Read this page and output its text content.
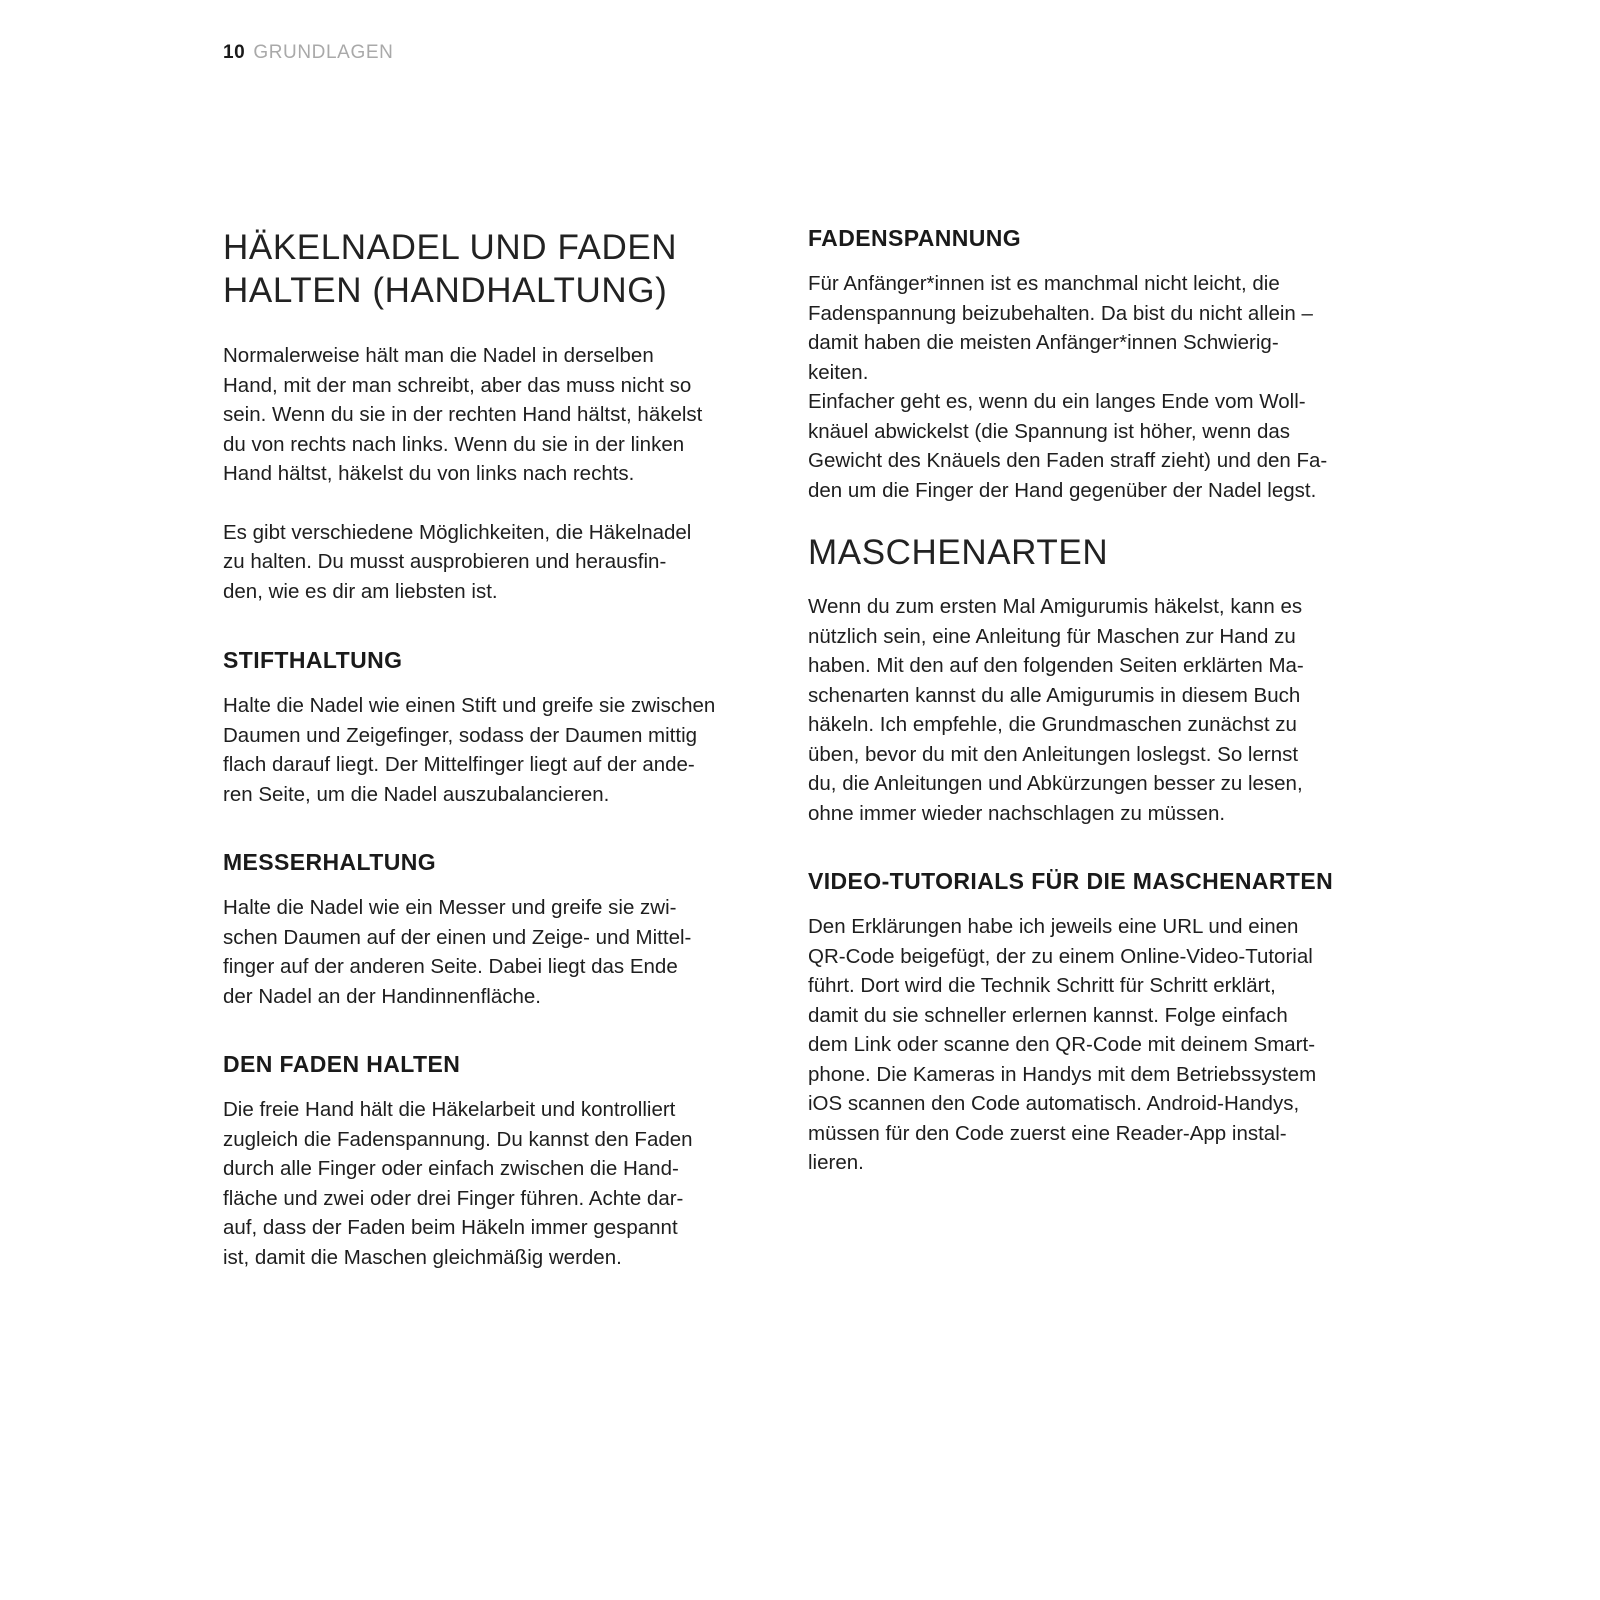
10 GRUNDLAGEN
HÄKELNADEL UND FADEN
HALTEN (HANDHALTUNG)

Normalerweise hält man die Nadel in derselben
Hand, mit der man schreibt, aber das muss nicht so
sein. Wenn du sie in der rechten Hand hältst, häkelst
du von rechts nach links. Wenn du sie in der linken
Hand hältst, häkelst du von links nach rechts.

Es gibt verschiedene Möglichkeiten, die Häkelnadel
zu halten. Du musst ausprobieren und herausfin-
den, wie es dir am liebsten ist.

STIFTHALTUNG

Halte die Nadel wie einen Stift und greife sie zwischen
Daumen und Zeigefinger, sodass der Daumen mittig
flach darauf liegt. Der Mittelfinger liegt auf der ande-
ren Seite, um die Nadel auszubalancieren.

MESSERHALTUNG

Halte die Nadel wie ein Messer und greife sie zwi-
schen Daumen auf der einen und Zeige- und Mittel-
finger auf der anderen Seite. Dabei liegt das Ende
der Nadel an der Handinnenfläche.

DEN FADEN HALTEN

Die freie Hand hält die Häkelarbeit und kontrolliert
zugleich die Fadenspannung. Du kannst den Faden
durch alle Finger oder einfach zwischen die Hand-
fläche und zwei oder drei Finger führen. Achte dar-
auf, dass der Faden beim Häkeln immer gespannt
ist, damit die Maschen gleichmäßig werden.

FADENSPANNUNG

Für Anfänger*innen ist es manchmal nicht leicht, die
Fadenspannung beizubehalten. Da bist du nicht allein –
damit haben die meisten Anfänger*innen Schwierig-
keiten.
Einfacher geht es, wenn du ein langes Ende vom Woll-
knäuel abwickelst (die Spannung ist höher, wenn das
Gewicht des Knäuels den Faden straff zieht) und den Fa-
den um die Finger der Hand gegenüber der Nadel legst.

MASCHENARTEN

Wenn du zum ersten Mal Amigurumis häkelst, kann es
nützlich sein, eine Anleitung für Maschen zur Hand zu
haben. Mit den auf den folgenden Seiten erklärten Ma-
schenarten kannst du alle Amigurumis in diesem Buch
häkeln. Ich empfehle, die Grundmaschen zunächst zu
üben, bevor du mit den Anleitungen loslegst. So lernst
du, die Anleitungen und Abkürzungen besser zu lesen,
ohne immer wieder nachschlagen zu müssen.

VIDEO-TUTORIALS FÜR DIE MASCHENARTEN

Den Erklärungen habe ich jeweils eine URL und einen
QR-Code beigefügt, der zu einem Online-Video-Tutorial
führt. Dort wird die Technik Schritt für Schritt erklärt,
damit du sie schneller erlernen kannst. Folge einfach
dem Link oder scanne den QR-Code mit deinem Smart-
phone. Die Kameras in Handys mit dem Betriebssystem
iOS scannen den Code automatisch. Android-Handys,
müssen für den Code zuerst eine Reader-App instal-
lieren.
